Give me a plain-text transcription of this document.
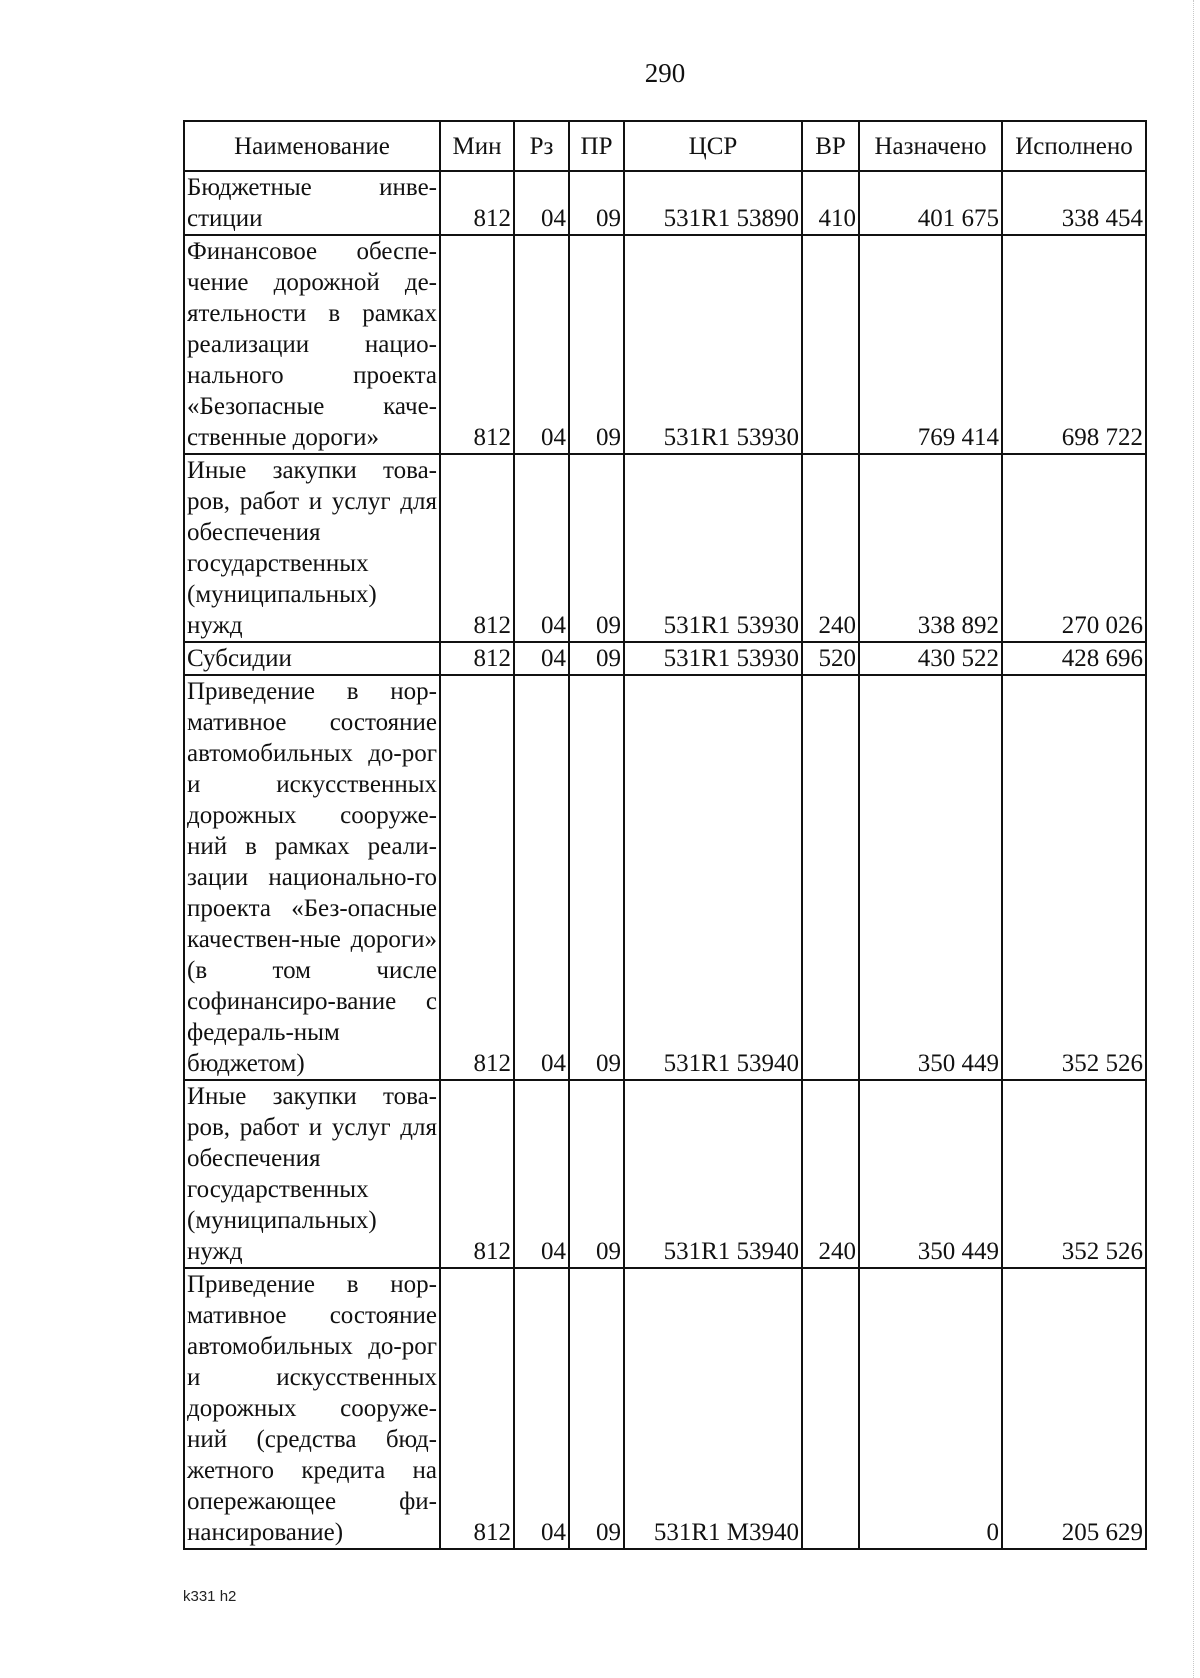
290
Наименование	Мин	Рз	ПР	ЦСР	ВР	Назначено	Исполнено
Бюджетные инве-стиции	812	04	09	531R1 53890	410	401 675	338 454
Финансовое обеспе-чение дорожной де-ятельности в рамках реализации нацио-нального проекта «Безопасные каче-ственные дороги»	812	04	09	531R1 53930		769 414	698 722
Иные закупки това-ров, работ и услуг для обеспечения государственных (муниципальных) нужд	812	04	09	531R1 53930	240	338 892	270 026
Субсидии	812	04	09	531R1 53930	520	430 522	428 696
Приведение в нор-мативное состояние автомобильных до-рог и искусственных дорожных сооруже-ний в рамках реали-зации национально-го проекта «Без-опасные качествен-ные дороги» (в том числе софинансиро-вание с федераль-ным бюджетом)	812	04	09	531R1 53940		350 449	352 526
Иные закупки това-ров, работ и услуг для обеспечения государственных (муниципальных) нужд	812	04	09	531R1 53940	240	350 449	352 526
Приведение в нор-мативное состояние автомобильных до-рог и искусственных дорожных сооруже-ний (средства бюд-жетного кредита на опережающее фи-нансирование)	812	04	09	531R1 M3940		0	205 629
k331 h2
